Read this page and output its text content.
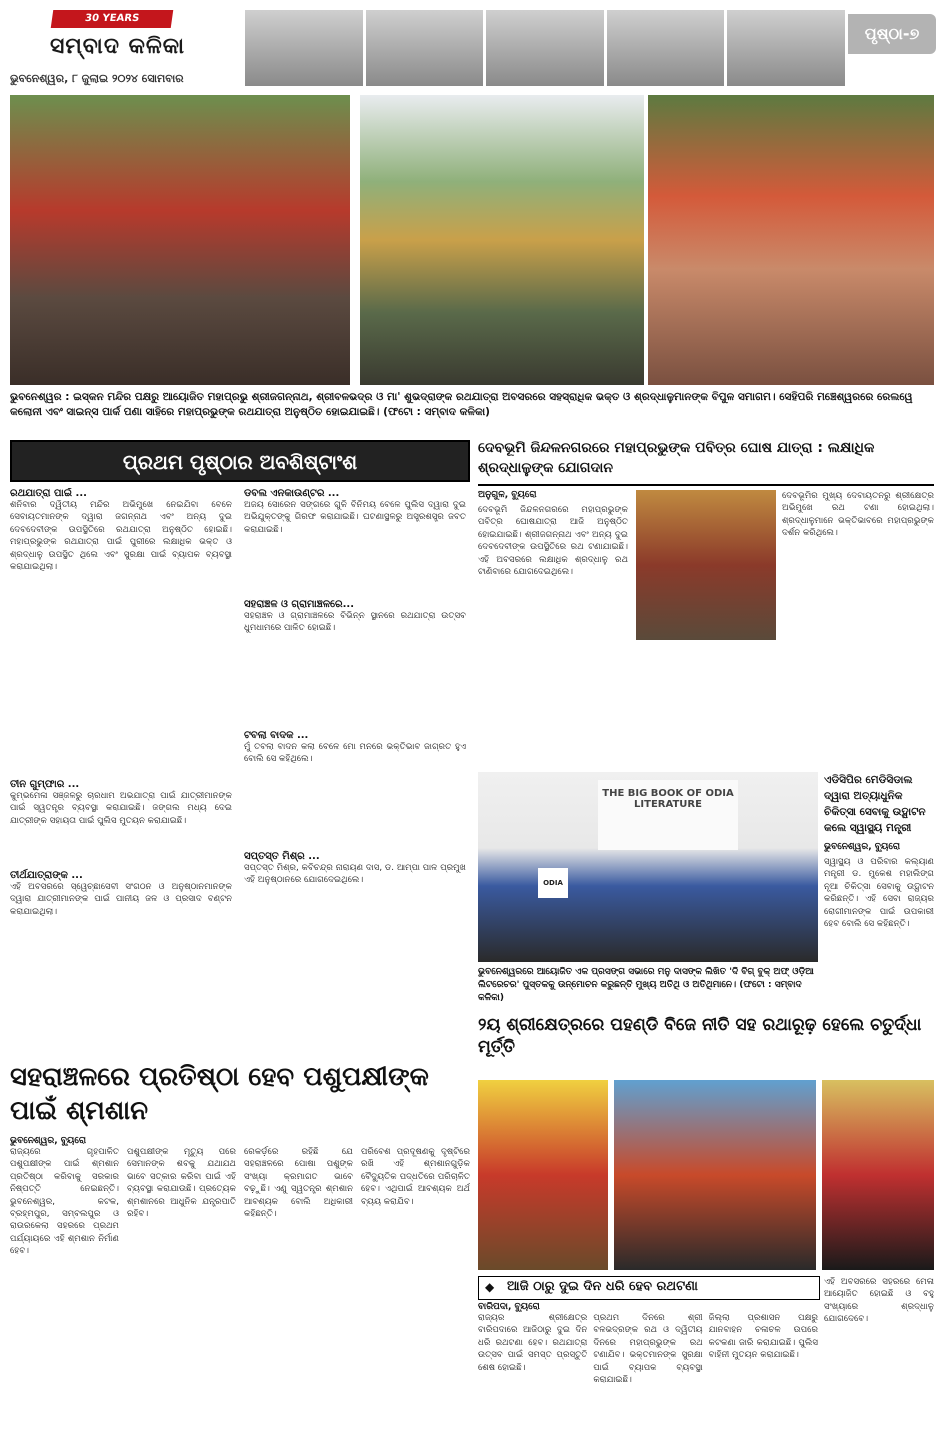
30 YEARS
ସମ୍ବାଦ କଳିକା
ଭୁବନେଶ୍ୱର, ୮ ଜୁଲାଇ ୨୦୨୪ ସୋମବାର
ପୃଷ୍ଠା-୭
ଭୁବନେଶ୍ୱର : ଇସ୍କନ ମନ୍ଦିର ପକ୍ଷରୁ ଆୟୋଜିତ ମହାପ୍ରଭୁ ଶ୍ରୀଜଗନ୍ନାଥ, ଶ୍ରୀବଳଭଦ୍ର ଓ ମା' ଶୁଭଦ୍ରାଙ୍କ ରଥଯାତ୍ରା ଅବସରରେ ସହସ୍ରାଧିକ ଭକ୍ତ ଓ ଶ୍ରଦ୍ଧାଳୁମାନଙ୍କ ବିପୁଳ ସମାଗମ। ସେହିପରି ମଞ୍ଚେଶ୍ୱରରେ ରେଲୱେ କଲୋନୀ ଏବଂ ସାଇନ୍ସ ପାର୍କ ପଣା ସାହିରେ ମହାପ୍ରଭୁଙ୍କ ରଥଯାତ୍ରା ଅନୁଷ୍ଠିତ ହୋଇଯାଇଛି। (ଫଟୋ : ସମ୍ବାଦ କଳିକା)
ପ୍ରଥମ ପୃଷ୍ଠାର ଅବଶିଷ୍ଟାଂଶ
ରଥଯାତ୍ରା ପାଇଁ ...
ଶନିବାର ଦ୍ୱିତୀୟ ମନ୍ଦିର ଅଭିମୁଖେ ନେଇଯିବା ବେଳେ ସେବାୟତମାନଙ୍କ ଦ୍ୱାରା ଜଗନ୍ନାଥ ଏବଂ ଅନ୍ୟ ଦୁଇ ଦେବଦେବୀଙ୍କ ଉପସ୍ଥିତିରେ ରଥଯାତ୍ରା ଅନୁଷ୍ଠିତ ହୋଇଛି। ମହାପ୍ରଭୁଙ୍କ ରଥଯାତ୍ରା ପାଇଁ ପୁରୀରେ ଲକ୍ଷାଧିକ ଭକ୍ତ ଓ ଶ୍ରଦ୍ଧାଳୁ ଉପସ୍ଥିତ ଥିଲେ ଏବଂ ସୁରକ୍ଷା ପାଇଁ ବ୍ୟାପକ ବ୍ୟବସ୍ଥା କରାଯାଇଥିଲା।
ତୀନ ଗୁମ୍ଫାର ...
କୁମ୍ଭମେଳା ସଞ୍ଜଳରୁ ଚାରଧାମ ଅଭଯାତ୍ରା ପାଇଁ ଯାତ୍ରୀମାନଙ୍କ ପାଇଁ ସ୍ୱତନ୍ତ୍ର ବ୍ୟବସ୍ଥା କରାଯାଇଛି। ଜଙ୍ଗଲ ମଧ୍ୟ ଦେଇ ଯାତ୍ରୀଙ୍କ ସହାୟତା ପାଇଁ ପୁଲିସ ମୁତୟନ କରାଯାଇଛି।
ତୀର୍ଥଯାତ୍ରାଙ୍କ ...
ଏହି ଅବସରରେ ସ୍ୱେଚ୍ଛାସେବୀ ସଂଗଠନ ଓ ଅନୁଷ୍ଠାନମାନଙ୍କ ଦ୍ୱାରା ଯାତ୍ରୀମାନଙ୍କ ପାଇଁ ପାନୀୟ ଜଳ ଓ ପ୍ରସାଦ ବଣ୍ଟନ କରାଯାଇଥିଲା।
ଡବଲ ଏନକାଉଣ୍ଟର ...
ଅଜୟ ସୋରେନ ସଙ୍ଗରେ ଗୁଳି ବିନିମୟ ବେଳେ ପୁଲିସ ଦ୍ୱାରା ଦୁଇ ଅଭିଯୁକ୍ତଙ୍କୁ ଗିରଫ କରାଯାଇଛି। ଘଟଣାସ୍ଥଳରୁ ଅସ୍ତ୍ରଶସ୍ତ୍ର ଜବତ କରାଯାଇଛି।
ସହରାଞ୍ଚଳ ଓ ଗ୍ରାମାଞ୍ଚଳରେ...
ସହରାଞ୍ଚଳ ଓ ଗ୍ରାମାଞ୍ଚଳରେ ବିଭିନ୍ନ ସ୍ଥାନରେ ରଥଯାତ୍ରା ଉତ୍ସବ ଧୁମଧାମରେ ପାଳିତ ହୋଇଛି।
ଟବଲା ବାଦକ ...
ମୁଁ ତବଲା ବାଦନ କଲା ବେଳେ ମୋ ମନରେ ଭକ୍ତିଭାବ ଜାଗ୍ରତ ହୁଏ ବୋଲି ସେ କହିଥିଲେ।
ସପ୍ତସ୍ତ ମିଶ୍ର ...
ସପ୍ତସ୍ତ ମିଶ୍ର, କବିଚନ୍ଦ୍ର ନାରାୟଣ ଦାସ, ଡ. ଆମ୍ପା ପାଳ ପ୍ରମୁଖ ଏହି ଅନୁଷ୍ଠାନରେ ଯୋଗଦେଇଥିଲେ।
ଦେବଭୂମି ଜିନ୍ଦଳନଗରରେ ମହାପ୍ରଭୁଙ୍କ ପବିତ୍ର ଘୋଷ ଯାତ୍ରା : ଲକ୍ଷାଧିକ ଶ୍ରଦ୍ଧାଳୁଙ୍କ ଯୋଗଦାନ
ଅନୁଗୁଳ, ବ୍ୟୁରୋ
ଦେବଭୂମି ଜିନ୍ଦଳନଗରରେ ମହାପ୍ରଭୁଙ୍କ ପବିତ୍ର ଘୋଷଯାତ୍ରା ଆଜି ଅନୁଷ୍ଠିତ ହୋଇଯାଇଛି। ଶ୍ରୀଜଗନ୍ନାଥ ଏବଂ ଅନ୍ୟ ଦୁଇ ଦେବଦେବୀଙ୍କ ଉପସ୍ଥିତିରେ ରଥ ଟଣାଯାଇଛି। ଏହି ଅବସରରେ ଲକ୍ଷାଧିକ ଶ୍ରଦ୍ଧାଳୁ ରଥ ଟାଣିବାରେ ଯୋଗଦେଇଥିଲେ।
ଦେବଭୂମିର ମୁଖ୍ୟ ଦେବାୟତନରୁ ଶ୍ରୀକ୍ଷେତ୍ର ଅଭିମୁଖେ ରଥ ଟଣା ହୋଇଥିଲା। ଶ୍ରଦ୍ଧାଳୁମାନେ ଭକ୍ତିଭାବରେ ମହାପ୍ରଭୁଙ୍କ ଦର୍ଶନ କରିଥିଲେ।
THE BIG BOOK OF ODIA LITERATURE
ODIA
ଭୁବନେଶ୍ୱରରେ ଆୟୋଜିତ ଏକ ପ୍ରସଙ୍ଗ ସଭାରେ ମନୁ ଦାସଙ୍କ ଲିଖିତ 'ଦି ବିଗ୍ ବୁକ୍ ଅଫ୍ ଓଡ଼ିଆ ଲିଟରେଚର' ପୁସ୍ତକକୁ ଉନ୍ମୋଚନ କରୁଛନ୍ତି ମୁଖ୍ୟ ଅତିଥି ଓ ଅତିଥିମାନେ। (ଫଟୋ : ସମ୍ବାଦ କଳିକା)
ଏଡିସିପିର ମେଡିସିଡାଲ ଦ୍ୱାରା ଅତ୍ୟାଧୁନିକ ଚିକିତ୍ସା ସେବାକୁ ଉଦ୍ଘାଟନ କଲେ ସ୍ୱାସ୍ଥ୍ୟ ମନ୍ତ୍ରୀ
ଭୁବନେଶ୍ୱର, ବ୍ୟୁରୋ
ସ୍ୱାସ୍ଥ୍ୟ ଓ ପରିବାର କଲ୍ୟାଣ ମନ୍ତ୍ରୀ ଡ. ମୁକେଶ ମହାଲିଙ୍ଗ ନୂଆ ଚିକିତ୍ସା ସେବାକୁ ଉଦ୍ଘାଟନ କରିଛନ୍ତି। ଏହି ସେବା ରାଜ୍ୟର ରୋଗୀମାନଙ୍କ ପାଇଁ ଉପକାରୀ ହେବ ବୋଲି ସେ କହିଛନ୍ତି।
୨ୟ ଶ୍ରୀକ୍ଷେତ୍ରରେ ପହଣ୍ଡି ବିଜେ ନୀତି ସହ ରଥାରୂଢ଼ ହେଲେ ଚତୁର୍ଦ୍ଧା ମୂର୍ତ୍ତି
ସହରାଞ୍ଚଳରେ ପ୍ରତିଷ୍ଠା ହେବ ପଶୁପକ୍ଷୀଙ୍କ ପାଇଁ ଶ୍ମଶାନ
ଭୁବନେଶ୍ୱର, ବ୍ୟୁରୋ
ରାଜ୍ୟରେ ଗୃହପାଳିତ ପଶୁପକ୍ଷୀଙ୍କ ପାଇଁ ଶ୍ମଶାନ ପ୍ରତିଷ୍ଠା କରିବାକୁ ସରକାର ନିଷ୍ପତ୍ତି ନେଇଛନ୍ତି। ଭୁବନେଶ୍ୱର, କଟକ, ବ୍ରହ୍ମପୁର, ସମ୍ବଲପୁର ଓ ରାଉରକେଲା ସହରରେ ପ୍ରଥମ ପର୍ଯ୍ୟାୟରେ ଏହି ଶ୍ମଶାନ ନିର୍ମାଣ ହେବ।
ପଶୁପକ୍ଷୀଙ୍କ ମୃତ୍ୟୁ ପରେ ସେମାନଙ୍କ ଶବକୁ ଯଥାଯଥ ଭାବେ ସତ୍କାର କରିବା ପାଇଁ ଏହି ବ୍ୟବସ୍ଥା କରାଯାଉଛି। ପ୍ରତ୍ୟେକ ଶ୍ମଶାନରେ ଆଧୁନିକ ଯନ୍ତ୍ରପାତି ରହିବ।
ରେକର୍ଡ଼ରେ ରହିଛି ଯେ ସହରାଞ୍ଚଳରେ ପୋଷା ପଶୁଙ୍କ ସଂଖ୍ୟା କ୍ରମାଗତ ଭାବେ ବଢ଼ୁଛି। ଏଣୁ ସ୍ୱତନ୍ତ୍ର ଶ୍ମଶାନ ଆବଶ୍ୟକ ବୋଲି ଅଧିକାରୀ କହିଛନ୍ତି।
ପରିବେଶ ପ୍ରଦୂଷଣକୁ ଦୃଷ୍ଟିରେ ରଖି ଏହି ଶ୍ମଶାନଗୁଡ଼ିକ ବୈଦ୍ୟୁତିକ ପଦ୍ଧତିରେ ପରିଚାଳିତ ହେବ। ଏଥିପାଇଁ ଆବଶ୍ୟକ ଅର୍ଥ ବ୍ୟୟ କରାଯିବ।
◆ ଆଜି ଠାରୁ ଦୁଇ ଦିନ ଧରି ହେବ ରଥଟଣା
ବାରିପଦା, ବ୍ୟୁରୋ
ରାଜ୍ୟର ଶ୍ରୀକ୍ଷେତ୍ର ବାରିପଦାରେ ଆଜିଠାରୁ ଦୁଇ ଦିନ ଧରି ରଥଟଣା ହେବ। ରଥଯାତ୍ରା ଉତ୍ସବ ପାଇଁ ସମସ୍ତ ପ୍ରସ୍ତୁତି ଶେଷ ହୋଇଛି।
ପ୍ରଥମ ଦିନରେ ଶ୍ରୀ ବଳଭଦ୍ରଙ୍କ ରଥ ଓ ଦ୍ୱିତୀୟ ଦିନରେ ମହାପ୍ରଭୁଙ୍କ ରଥ ଟଣାଯିବ। ଭକ୍ତମାନଙ୍କ ସୁରକ୍ଷା ପାଇଁ ବ୍ୟାପକ ବ୍ୟବସ୍ଥା କରାଯାଇଛି।
ଜିଲ୍ଲା ପ୍ରଶାସନ ପକ୍ଷରୁ ଯାନବାହନ ଚଳାଚଳ ଉପରେ କଟକଣା ଜାରି କରାଯାଇଛି। ପୁଲିସ ବାହିନୀ ମୁତୟନ କରାଯାଇଛି।
ଏହି ଅବସରରେ ସହରରେ ମେଳା ଆୟୋଜିତ ହୋଇଛି ଓ ବହୁ ସଂଖ୍ୟାରେ ଶ୍ରଦ୍ଧାଳୁ ଯୋଗଦେବେ।
